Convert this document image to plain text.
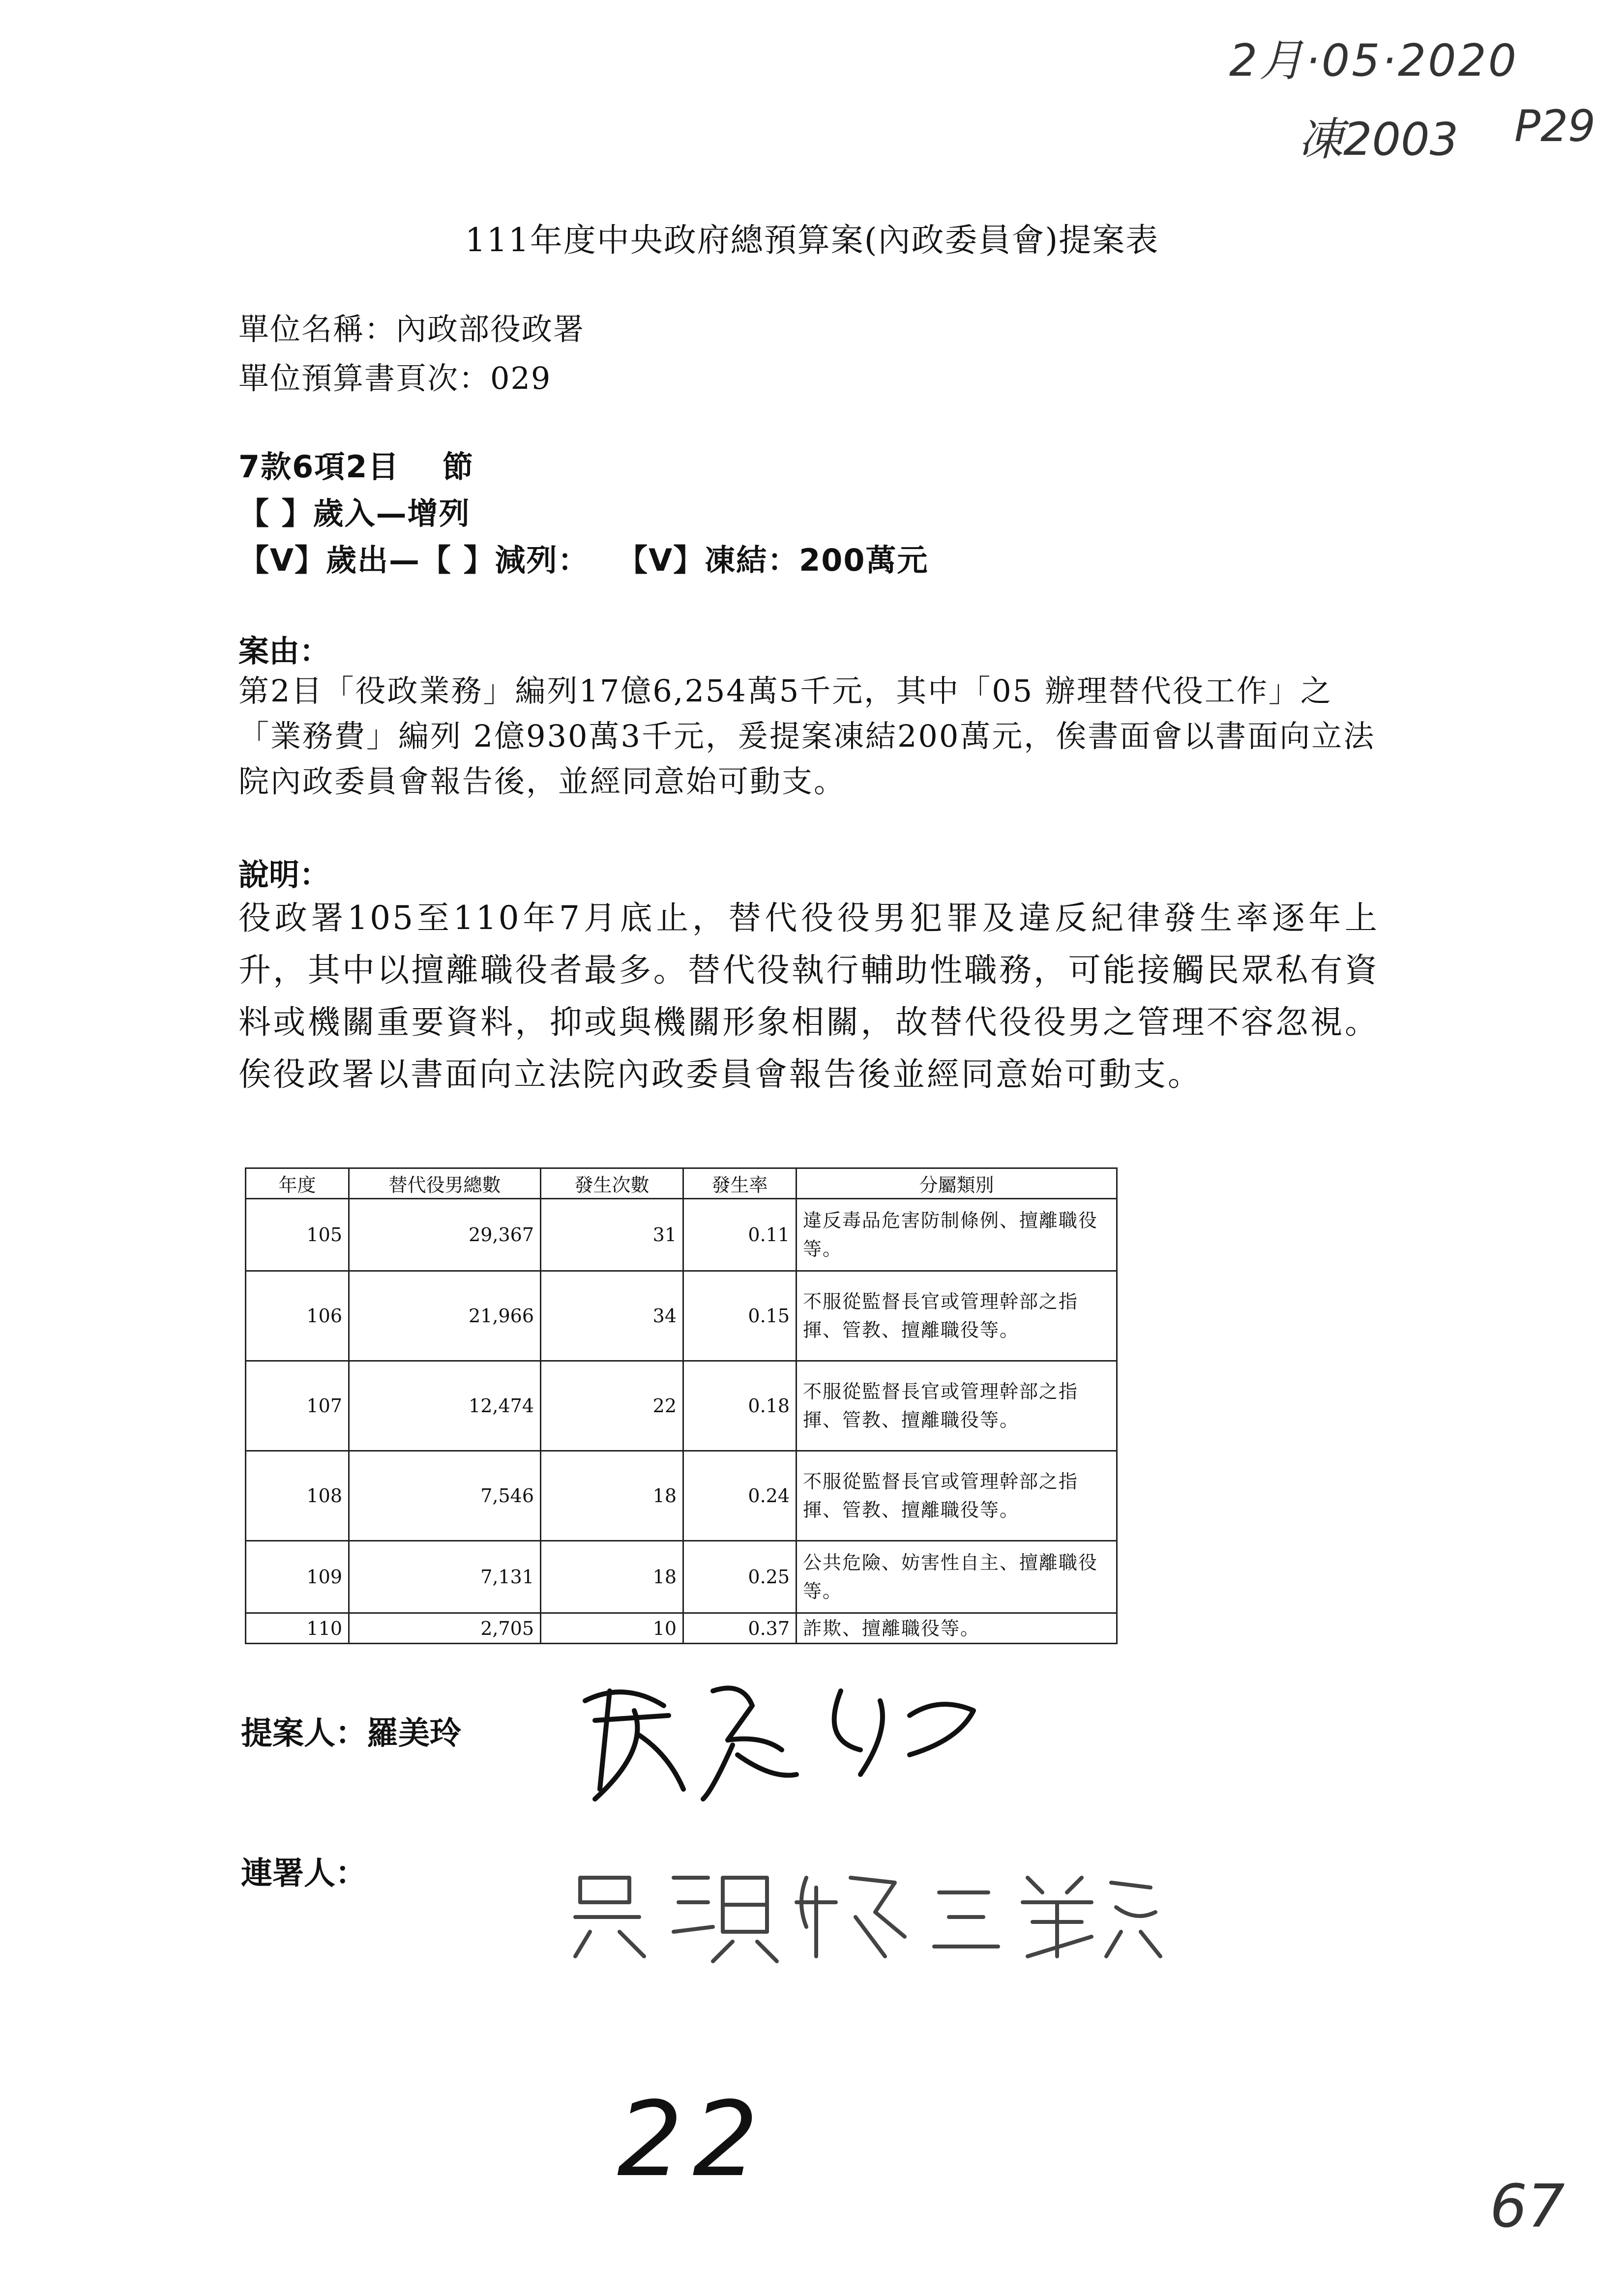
2月·05·2020
凍2003 P29
111年度中央政府總預算案(內政委員會)提案表
單位名稱：內政部役政署
單位預算書頁次：029
7款6項2目　 節
【 】歲入—增列
【V】歲出—【 】減列：　 【V】凍結：200萬元
案由：
第2目「役政業務」編列17億6,254萬5千元，其中「05 辦理替代役工作」之「業務費」編列 2億930萬3千元，爰提案凍結200萬元，俟書面會以書面向立法院內政委員會報告後，並經同意始可動支。
說明：
役政署105至110年7月底止，替代役役男犯罪及違反紀律發生率逐年上升，其中以擅離職役者最多。替代役執行輔助性職務，可能接觸民眾私有資料或機關重要資料，抑或與機關形象相關，故替代役役男之管理不容忽視。俟役政署以書面向立法院內政委員會報告後並經同意始可動支。
年度	替代役男總數	發生次數	發生率	分屬類別
105	29,367	31	0.11	違反毒品危害防制條例、擅離職役等。
106	21,966	34	0.15	不服從監督長官或管理幹部之指揮、管教、擅離職役等。
107	12,474	22	0.18	不服從監督長官或管理幹部之指揮、管教、擅離職役等。
108	7,546	18	0.24	不服從監督長官或管理幹部之指揮、管教、擅離職役等。
109	7,131	18	0.25	公共危險、妨害性自主、擅離職役等。
110	2,705	10	0.37	詐欺、擅離職役等。
提案人：羅美玲
連署人：
22
67
